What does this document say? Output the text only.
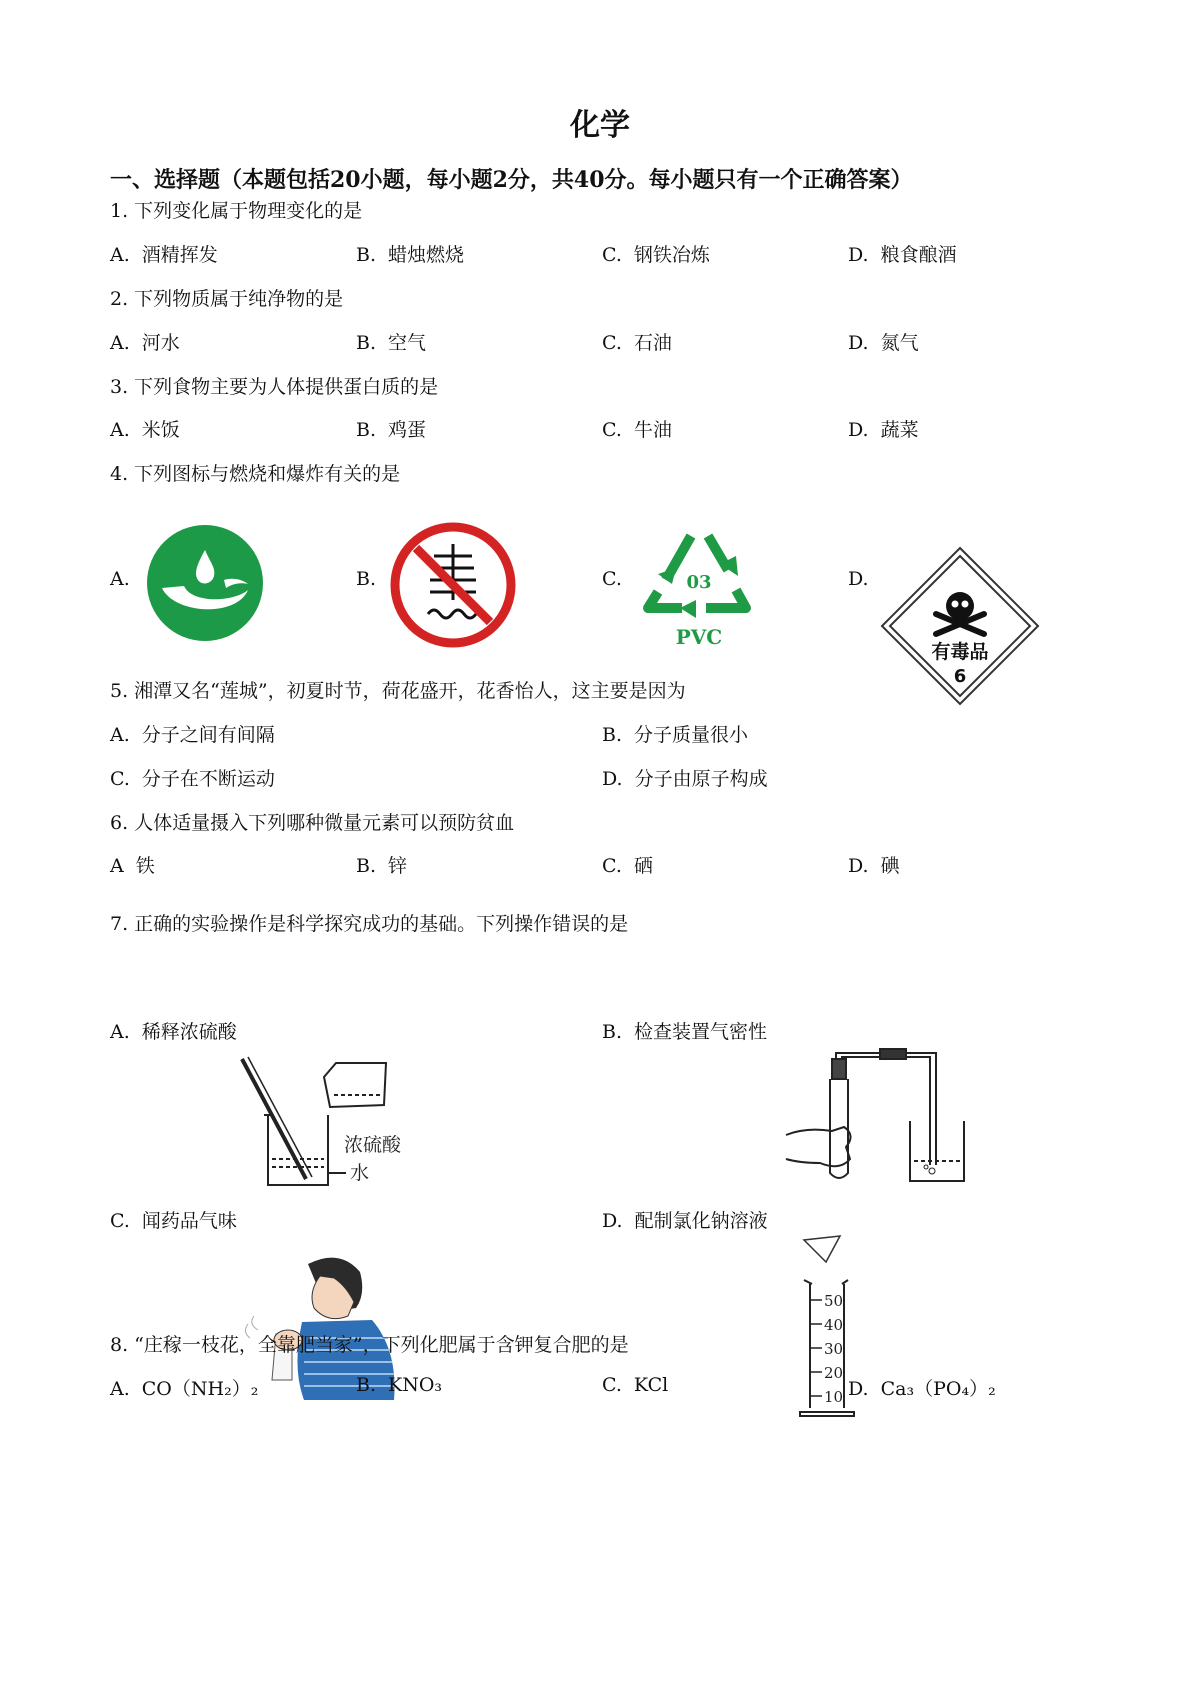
化学
一、选择题（本题包括20小题，每小题2分，共40分。每小题只有一个正确答案）
1. 下列变化属于物理变化的是
A. 酒精挥发	B. 蜡烛燃烧	C. 钢铁冶炼	D. 粮食酿酒
2. 下列物质属于纯净物的是
A. 河水	B. 空气	C. 石油	D. 氮气
3. 下列食物主要为人体提供蛋白质的是
A. 米饭	B. 鸡蛋	C. 牛油	D. 蔬菜
4. 下列图标与燃烧和爆炸有关的是
A.	B.	C.	D.
03
PVC
有毒品
6
5. 湘潭又名“莲城”，初夏时节，荷花盛开，花香怡人，这主要是因为
A. 分子之间有间隔	B. 分子质量很小
C. 分子在不断运动	D. 分子由原子构成
6. 人体适量摄入下列哪种微量元素可以预防贫血
A 铁	B. 锌	C. 硒	D. 碘
7. 正确的实验操作是科学探究成功的基础。下列操作错误的是
A. 稀释浓硫酸	B. 检查装置气密性
C. 闻药品气味	D. 配制氯化钠溶液
浓硫酸
水
50
40
30
20
10
8. “庄稼一枝花，全靠肥当家”，下列化肥属于含钾复合肥的是
A. CO（NH₂）₂	B. KNO₃	C. KCl	D. Ca₃（PO₄）₂
